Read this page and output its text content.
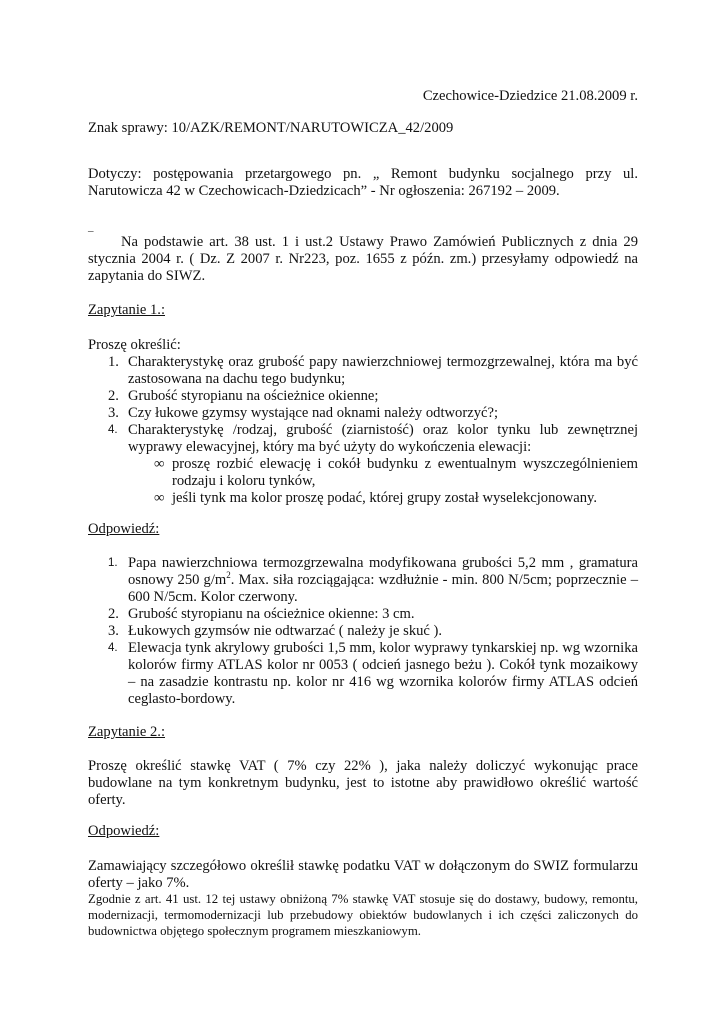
Czechowice-Dziedzice 21.08.2009 r.
Znak sprawy: 10/AZK/REMONT/NARUTOWICZA_42/2009
Dotyczy: postępowania przetargowego pn. „ Remont budynku socjalnego przy ul. Narutowicza 42 w Czechowicach-Dziedzicach” - Nr ogłoszenia: 267192 – 2009.
_
Na podstawie art. 38 ust. 1 i ust.2 Ustawy Prawo Zamówień Publicznych z dnia 29 stycznia 2004 r. ( Dz. Z 2007 r. Nr223, poz. 1655 z późn. zm.) przesyłamy odpowiedź na zapytania do SIWZ.
Zapytanie 1.:
Proszę określić:
1. Charakterystykę oraz grubość papy nawierzchniowej termozgrzewalnej, która ma być zastosowana na dachu tego budynku;
2. Grubość styropianu na ościeżnice okienne;
3. Czy łukowe gzymsy wystające nad oknami należy odtworzyć?;
4. Charakterystykę /rodzaj, grubość (ziarnistość) oraz kolor tynku lub zewnętrznej wyprawy elewacyjnej, który ma być użyty do wykończenia elewacji:
∞ proszę rozbić elewację i cokół budynku z ewentualnym wyszczególnieniem rodzaju i koloru tynków,
∞ jeśli tynk ma kolor proszę podać, której grupy został wyselekcjonowany.
Odpowiedź:
1. Papa nawierzchniowa termozgrzewalna modyfikowana grubości 5,2 mm , gramatura osnowy 250 $g/m^2$. Max. siła rozciągająca: wzdłużnie - min. 800 N/5cm; poprzecznie – 600 N/5cm. Kolor czerwony.
2. Grubość styropianu na ościeżnice okienne: 3 cm.
3. Łukowych gzymsów nie odtwarzać ( należy je skuć ).
4. Elewacja tynk akrylowy grubości 1,5 mm, kolor wyprawy tynkarskiej np. wg wzornika kolorów firmy ATLAS kolor nr 0053 ( odcień jasnego beżu ). Cokół tynk mozaikowy – na zasadzie kontrastu np. kolor nr 416 wg wzornika kolorów firmy ATLAS odcień ceglasto-bordowy.
Zapytanie 2.:
Proszę określić stawkę VAT ( 7% czy 22% ), jaka należy doliczyć wykonując prace budowlane na tym konkretnym budynku, jest to istotne aby prawidłowo określić wartość oferty.
Odpowiedź:
Zamawiający szczegółowo określił stawkę podatku VAT w dołączonym do SWIZ formularzu oferty – jako 7%.
Zgodnie z art. 41 ust. 12 tej ustawy obniżoną 7% stawkę VAT stosuje się do dostawy, budowy, remontu, modernizacji, termomodernizacji lub przebudowy obiektów budowlanych i ich części zaliczonych do budownictwa objętego społecznym programem mieszkaniowym.
